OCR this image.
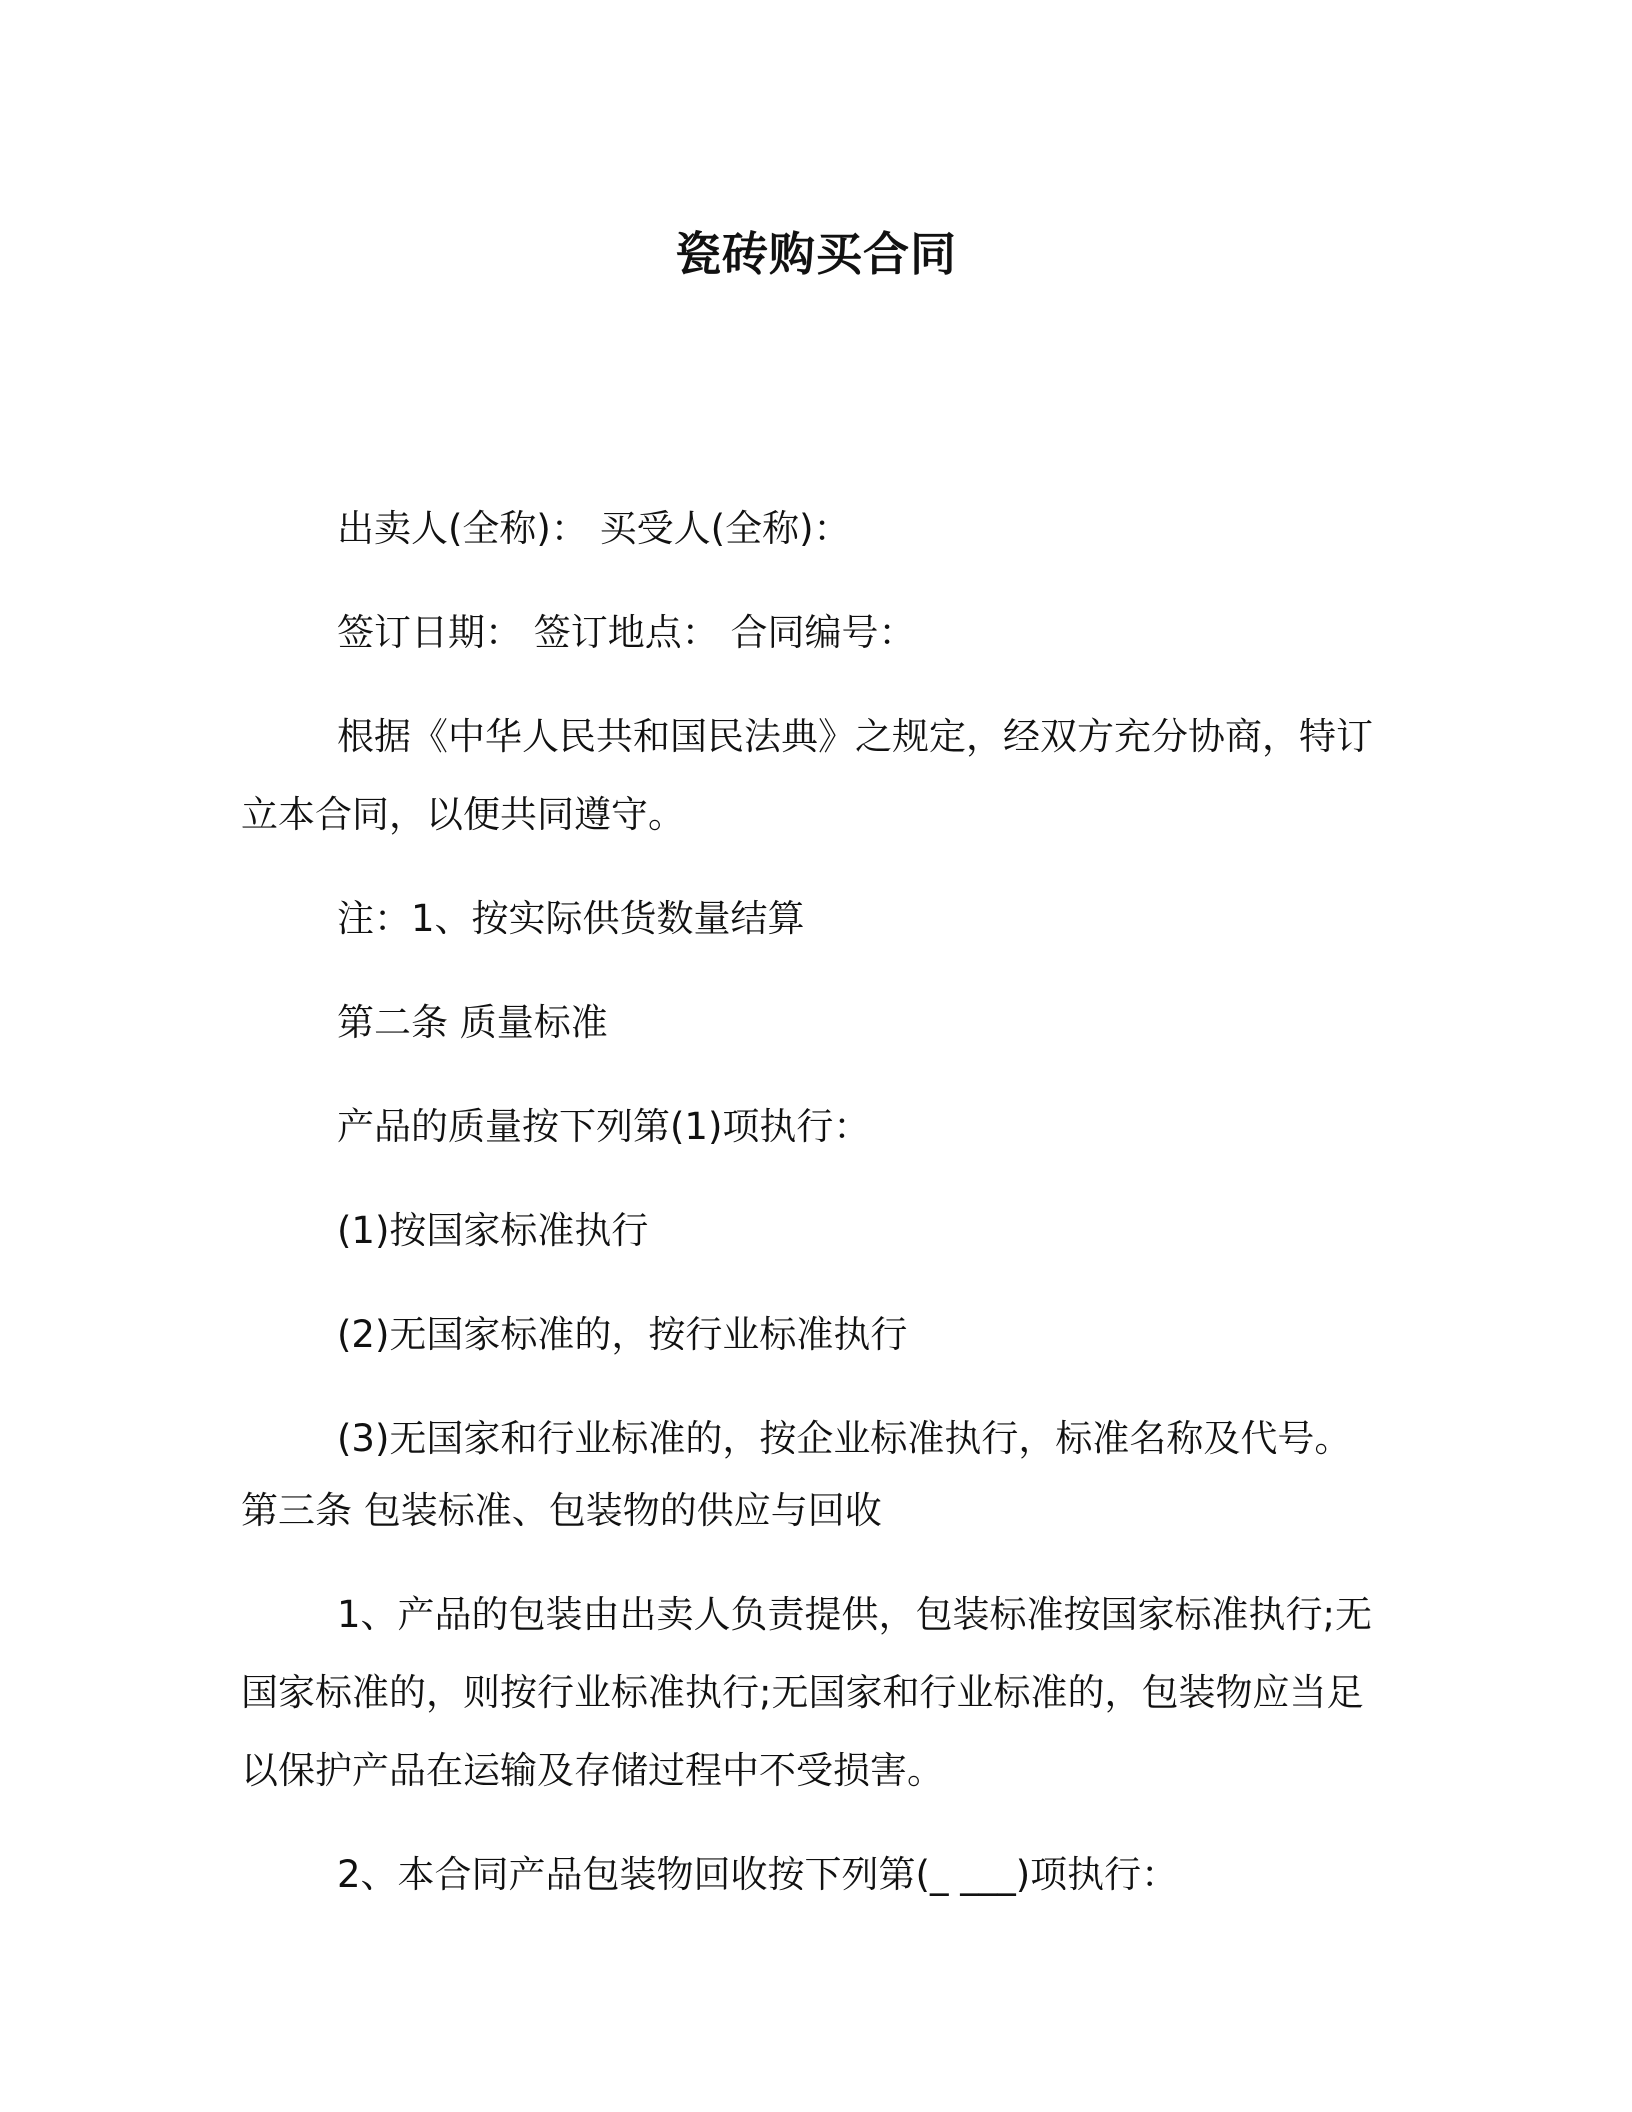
瓷砖购买合同

出卖人(全称)： 买受人(全称)：

签订日期： 签订地点： 合同编号：

根据《中华人民共和国民法典》之规定，经双方充分协商，特订

立本合同，以便共同遵守。

注：1、按实际供货数量结算

第二条 质量标准

产品的质量按下列第(1)项执行：

(1)按国家标准执行

(2)无国家标准的，按行业标准执行

(3)无国家和行业标准的，按企业标准执行，标准名称及代号。

第三条 包装标准、包装物的供应与回收

1、产品的包装由出卖人负责提供，包装标准按国家标准执行;无

国家标准的，则按行业标准执行;无国家和行业标准的，包装物应当足

以保护产品在运输及存储过程中不受损害。

2、本合同产品包装物回收按下列第(_ ___)项执行：
